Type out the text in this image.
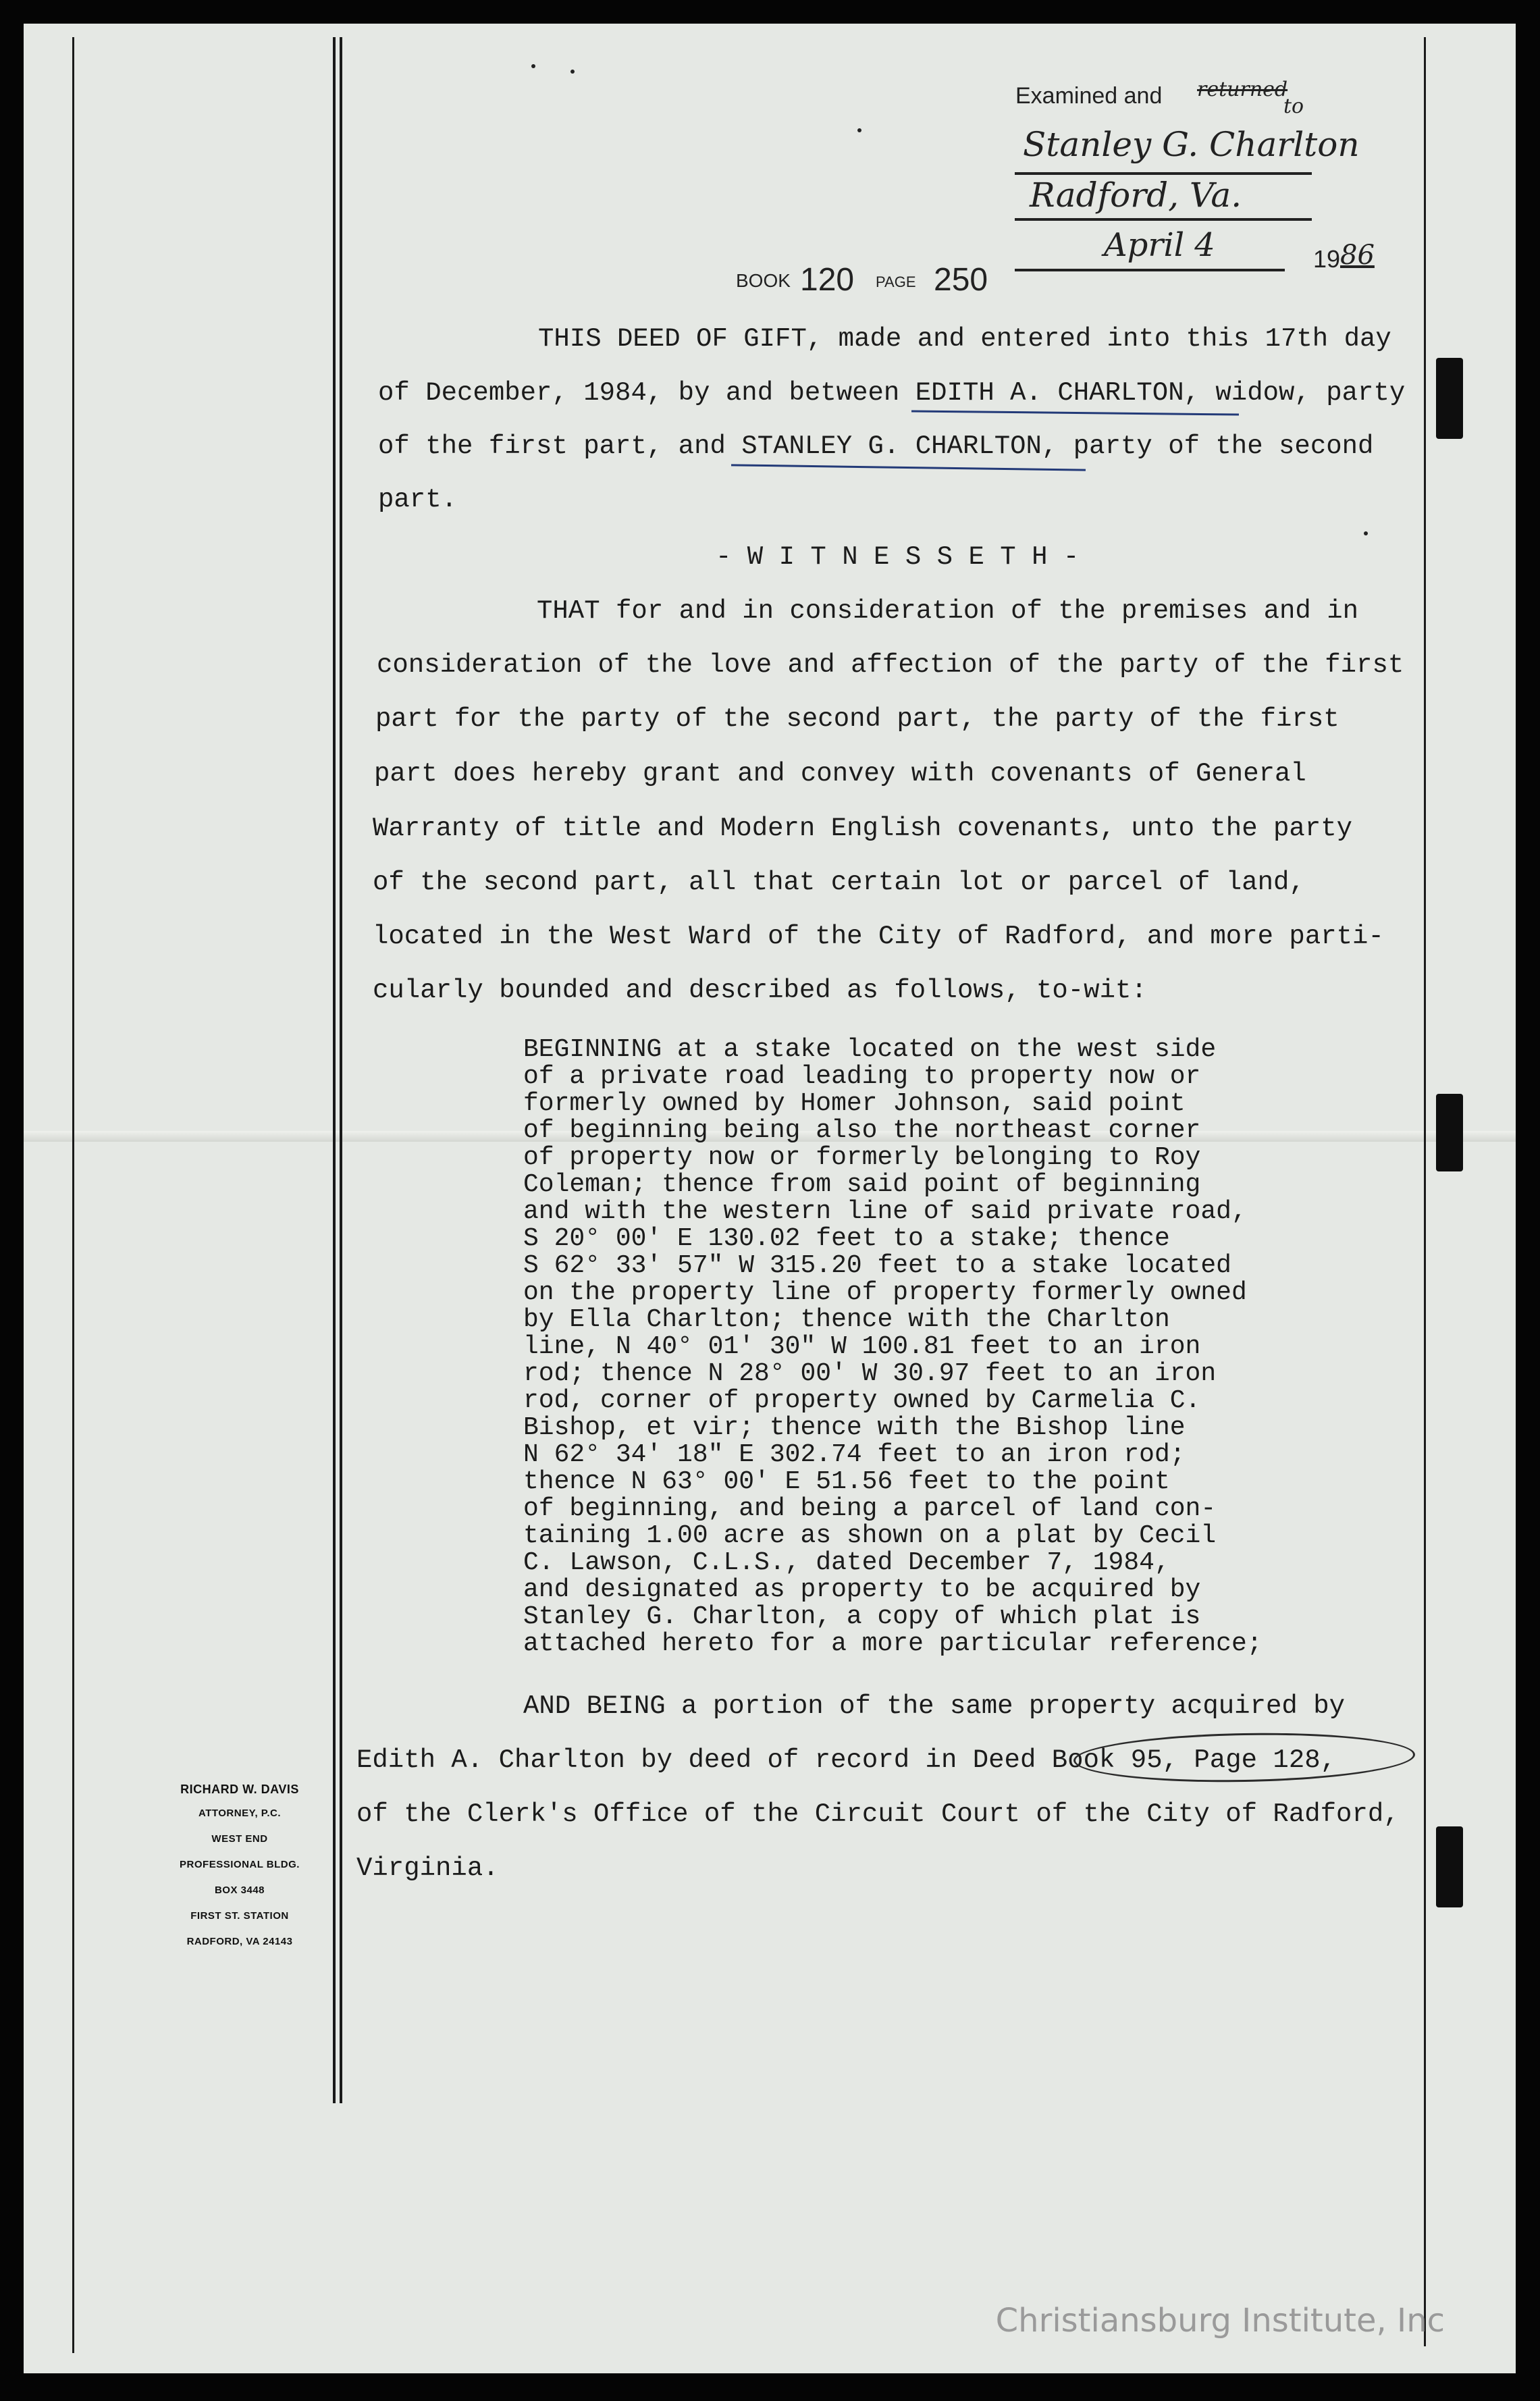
Examined and returned
to
Stanley G. Charlton
Radford, Va.
April 4	19 86
BOOK 120 PAGE 250
THIS DEED OF GIFT, made and entered into this 17th day
of December, 1984, by and between EDITH A. CHARLTON, widow, party
of the first part, and STANLEY G. CHARLTON, party of the second
part.
- W I T N E S S E T H -
THAT for and in consideration of the premises and in
consideration of the love and affection of the party of the first
part for the party of the second part, the party of the first
part does hereby grant and convey with covenants of General
Warranty of title and Modern English covenants, unto the party
of the second part, all that certain lot or parcel of land,
located in the West Ward of the City of Radford, and more parti-
cularly bounded and described as follows, to-wit:
BEGINNING at a stake located on the west side
of a private road leading to property now or
formerly owned by Homer Johnson, said point
of beginning being also the northeast corner
of property now or formerly belonging to Roy
Coleman; thence from said point of beginning
and with the western line of said private road,
S 20° 00' E 130.02 feet to a stake; thence
S 62° 33' 57" W 315.20 feet to a stake located
on the property line of property formerly owned
by Ella Charlton; thence with the Charlton
line, N 40° 01' 30" W 100.81 feet to an iron
rod; thence N 28° 00' W 30.97 feet to an iron
rod, corner of property owned by Carmelia C.
Bishop, et vir; thence with the Bishop line
N 62° 34' 18" E 302.74 feet to an iron rod;
thence N 63° 00' E 51.56 feet to the point
of beginning, and being a parcel of land con-
taining 1.00 acre as shown on a plat by Cecil
C. Lawson, C.L.S., dated December 7, 1984,
and designated as property to be acquired by
Stanley G. Charlton, a copy of which plat is
attached hereto for a more particular reference;
AND BEING a portion of the same property acquired by
Edith A. Charlton by deed of record in Deed Book 95, Page 128,
of the Clerk's Office of the Circuit Court of the City of Radford,
Virginia.
RICHARD W. DAVIS
ATTORNEY, P.C.
WEST END
PROFESSIONAL BLDG.
BOX 3448
FIRST ST. STATION
RADFORD, VA 24143
Christiansburg Institute, Inc
